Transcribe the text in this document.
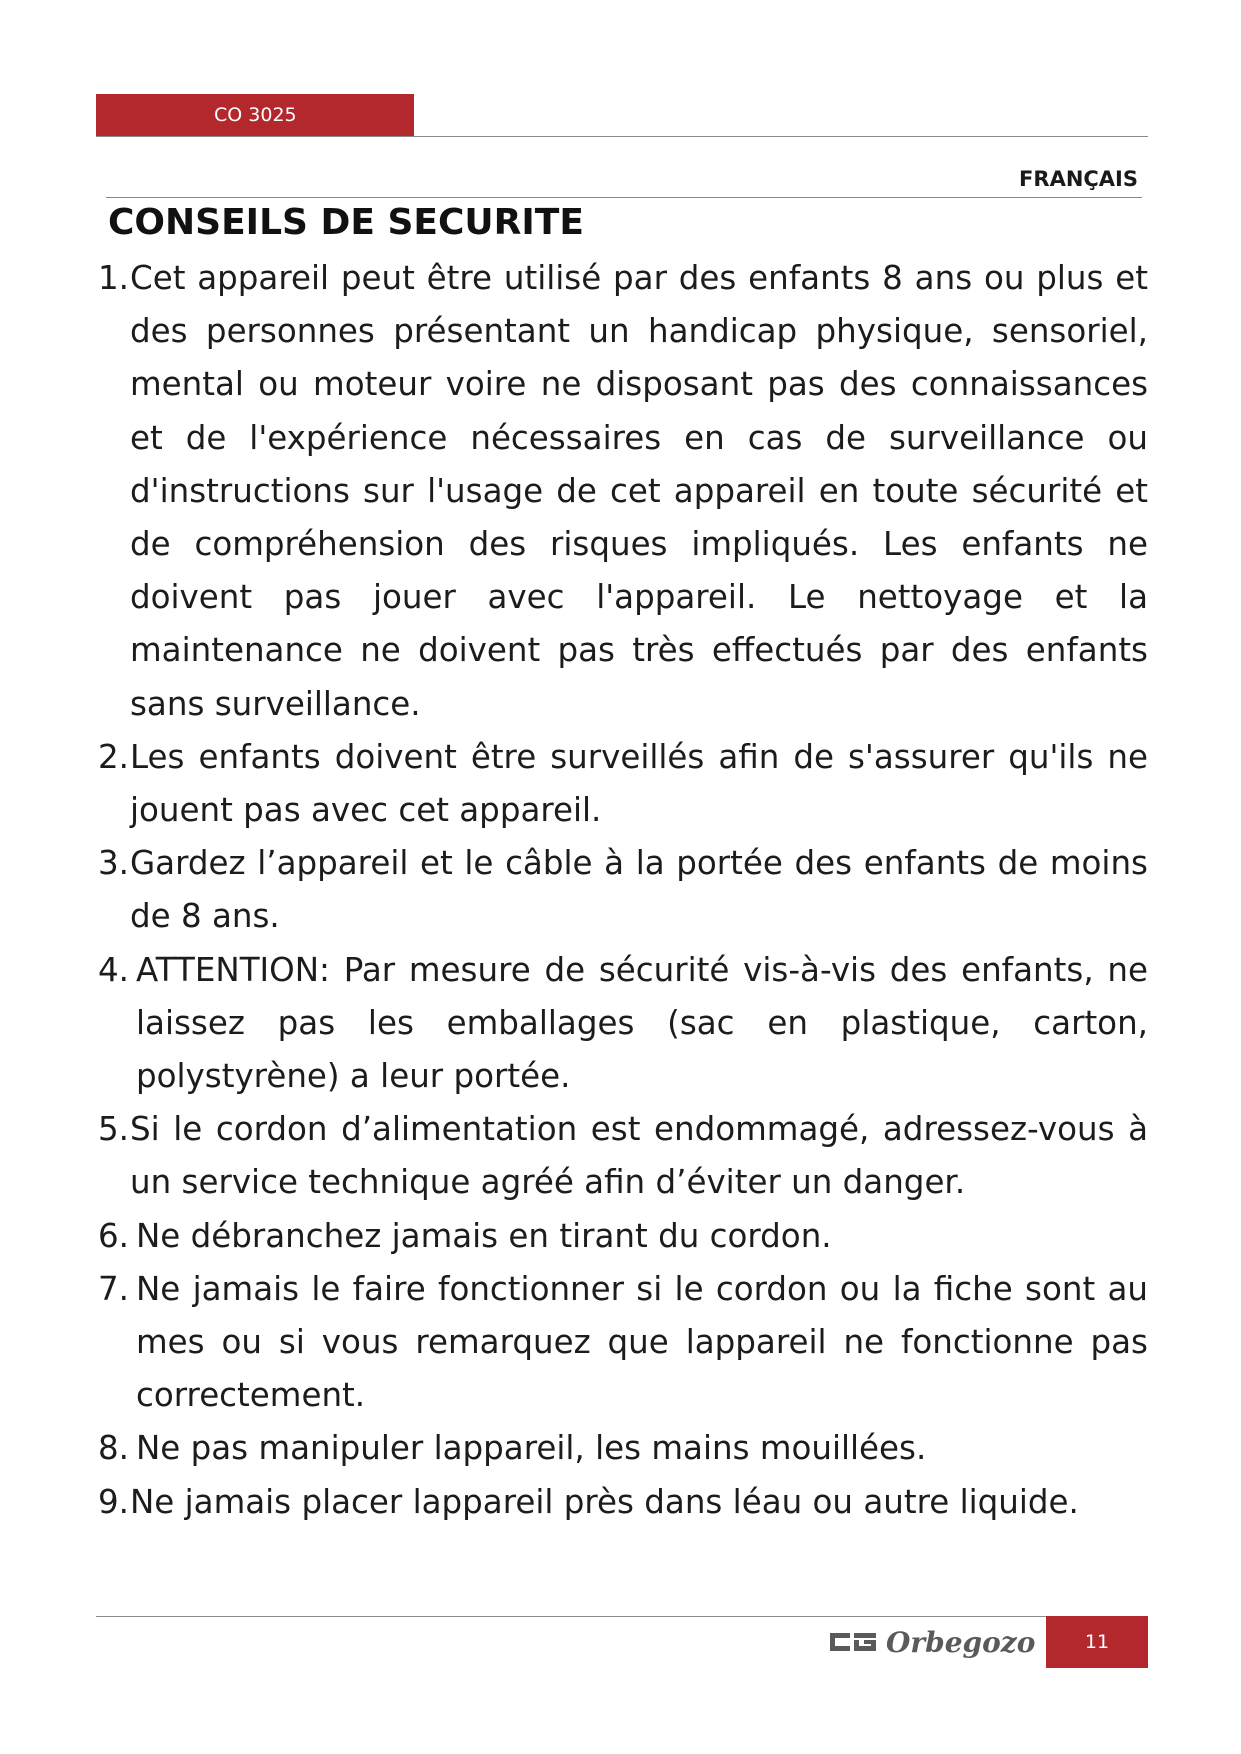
CO 3025
FRANÇAIS
CONSEILS DE SECURITE
1. Cet appareil peut être utilisé par des enfants 8 ans ou plus et des personnes présentant un handicap physique, sensoriel, mental ou moteur voire ne disposant pas des connaissances et de l'expérience nécessaires en cas de surveillance ou d'instructions sur l'usage de cet appareil en toute sécurité et de compréhension des risques impliqués. Les enfants ne doivent pas jouer avec l'appareil. Le nettoyage et la maintenance ne doivent pas très effectués par des enfants sans surveillance.
2. Les enfants doivent être surveillés afin de s'assurer qu'ils ne jouent pas avec cet appareil.
3. Gardez l’appareil et le câble à la portée des enfants de moins de 8 ans.
4. ATTENTION: Par mesure de sécurité vis-à-vis des enfants, ne laissez pas les emballages (sac en plastique, carton, polystyrène) a leur portée.
5. Si le cordon d’alimentation est endommagé, adressez-vous à un service technique agréé afin d’éviter un danger.
6. Ne débranchez jamais en tirant du cordon.
7. Ne jamais le faire fonctionner si le cordon ou la fiche sont au mes ou si vous remarquez que lappareil ne fonctionne pas correctement.
8. Ne pas manipuler lappareil, les mains mouillées.
9. Ne jamais placer lappareil près dans léau ou autre liquide.
Orbegozo	11
